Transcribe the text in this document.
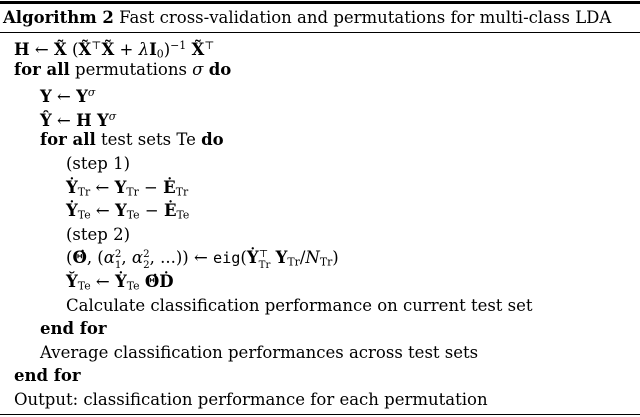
Algorithm 2 Fast cross-validation and permutations for multi-class LDA
H ← X̃ (X̃⊤X̃ + λI0)$^{-1}$ X̃⊤
for all permutations σ do
Y ← $Y^\sigma$
Ŷ ← H $Y^\sigma$
for all test sets Te do
(step 1)
ẎTr ← YTr − ĖTr
ẎTe ← YTe − ĖTe
(step 2)
(Θ̇, (α 2
1 , α 2
2 , ...)) ← eig(Ẏ ⊤
Tr YTr/NTr)
Y̆Te ← ẎTe Θ̇Ḋ
Calculate classification performance on current test set
end for
Average classification performances across test sets
end for
Output: classification performance for each permutation
